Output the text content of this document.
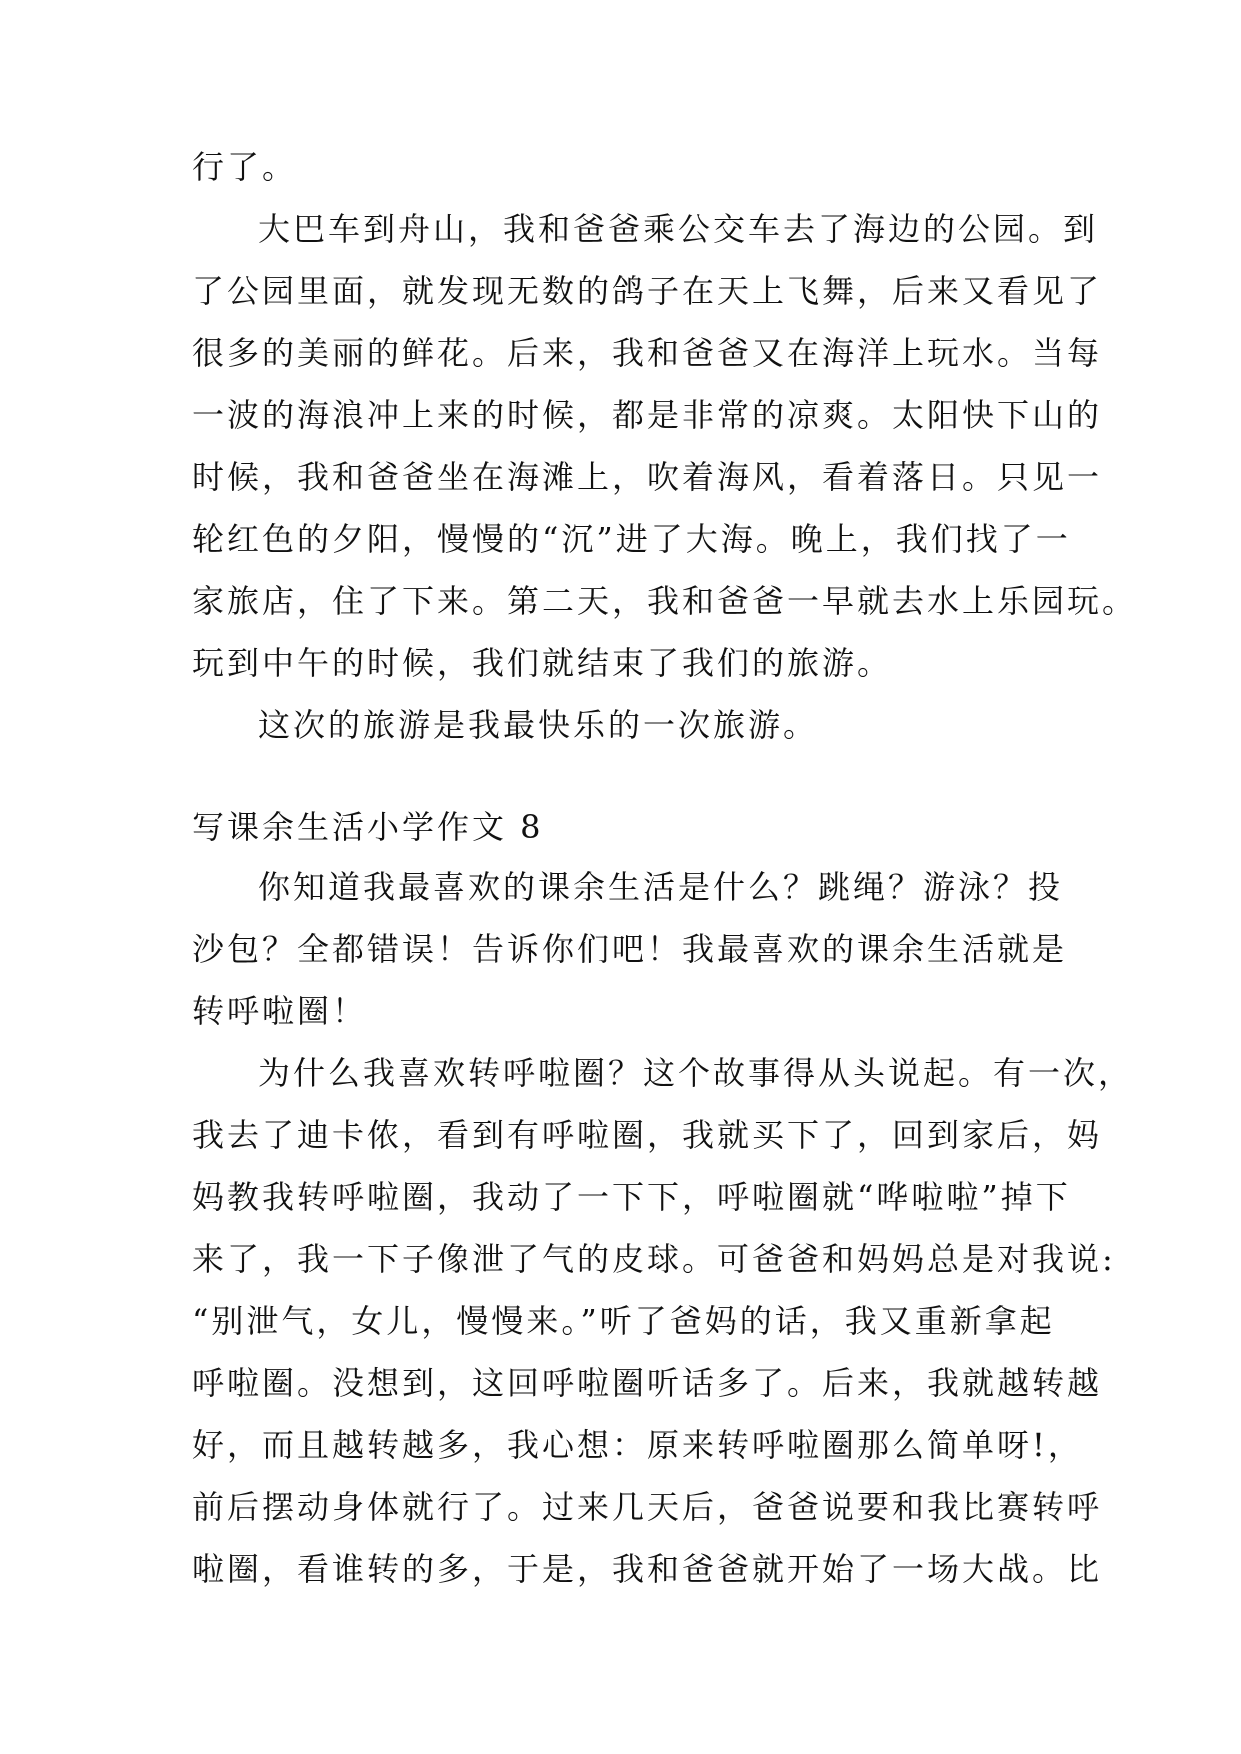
行了。
大巴车到舟山，我和爸爸乘公交车去了海边的公园。到
了公园里面，就发现无数的鸽子在天上飞舞，后来又看见了
很多的美丽的鲜花。后来，我和爸爸又在海洋上玩水。当每
一波的海浪冲上来的时候，都是非常的凉爽。太阳快下山的
时候，我和爸爸坐在海滩上，吹着海风，看着落日。只见一
轮红色的夕阳，慢慢的“沉”进了大海。晚上，我们找了一
家旅店，住了下来。第二天，我和爸爸一早就去水上乐园玩。
玩到中午的时候，我们就结束了我们的旅游。
这次的旅游是我最快乐的一次旅游。
写课余生活小学作文 8
你知道我最喜欢的课余生活是什么？跳绳？游泳？投
沙包？全都错误！告诉你们吧！我最喜欢的课余生活就是
转呼啦圈！
为什么我喜欢转呼啦圈？这个故事得从头说起。有一次，
我去了迪卡侬，看到有呼啦圈，我就买下了，回到家后，妈
妈教我转呼啦圈，我动了一下下，呼啦圈就“哗啦啦”掉下
来了，我一下子像泄了气的皮球。可爸爸和妈妈总是对我说:
“别泄气，女儿，慢慢来。”听了爸妈的话，我又重新拿起
呼啦圈。没想到，这回呼啦圈听话多了。后来，我就越转越
好，而且越转越多，我心想：原来转呼啦圈那么简单呀!，
前后摆动身体就行了。过来几天后，爸爸说要和我比赛转呼
啦圈，看谁转的多，于是，我和爸爸就开始了一场大战。比
